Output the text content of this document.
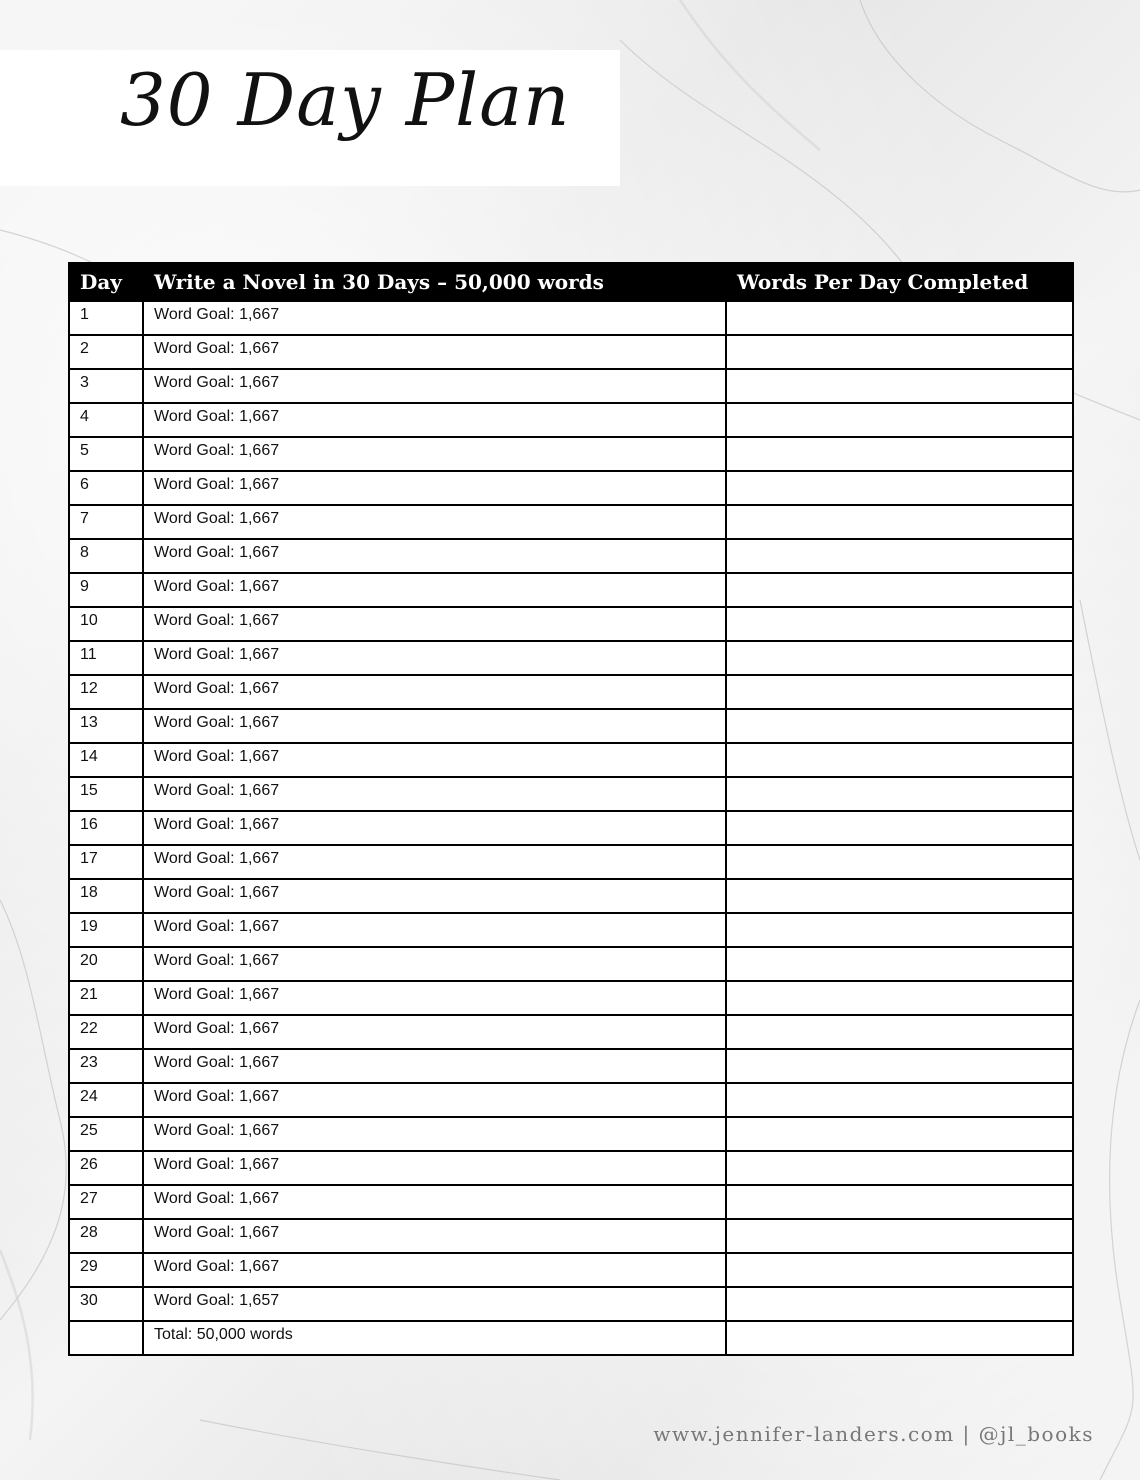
30 Day Plan
Day	Write a Novel in 30 Days – 50,000 words	Words Per Day Completed
1	Word Goal: 1,667	
2	Word Goal: 1,667	
3	Word Goal: 1,667	
4	Word Goal: 1,667	
5	Word Goal: 1,667	
6	Word Goal: 1,667	
7	Word Goal: 1,667	
8	Word Goal: 1,667	
9	Word Goal: 1,667	
10	Word Goal: 1,667	
11	Word Goal: 1,667	
12	Word Goal: 1,667	
13	Word Goal: 1,667	
14	Word Goal: 1,667	
15	Word Goal: 1,667	
16	Word Goal: 1,667	
17	Word Goal: 1,667	
18	Word Goal: 1,667	
19	Word Goal: 1,667	
20	Word Goal: 1,667	
21	Word Goal: 1,667	
22	Word Goal: 1,667	
23	Word Goal: 1,667	
24	Word Goal: 1,667	
25	Word Goal: 1,667	
26	Word Goal: 1,667	
27	Word Goal: 1,667	
28	Word Goal: 1,667	
29	Word Goal: 1,667	
30	Word Goal: 1,657	
	Total: 50,000 words	
www.jennifer-landers.com | @jl_books
